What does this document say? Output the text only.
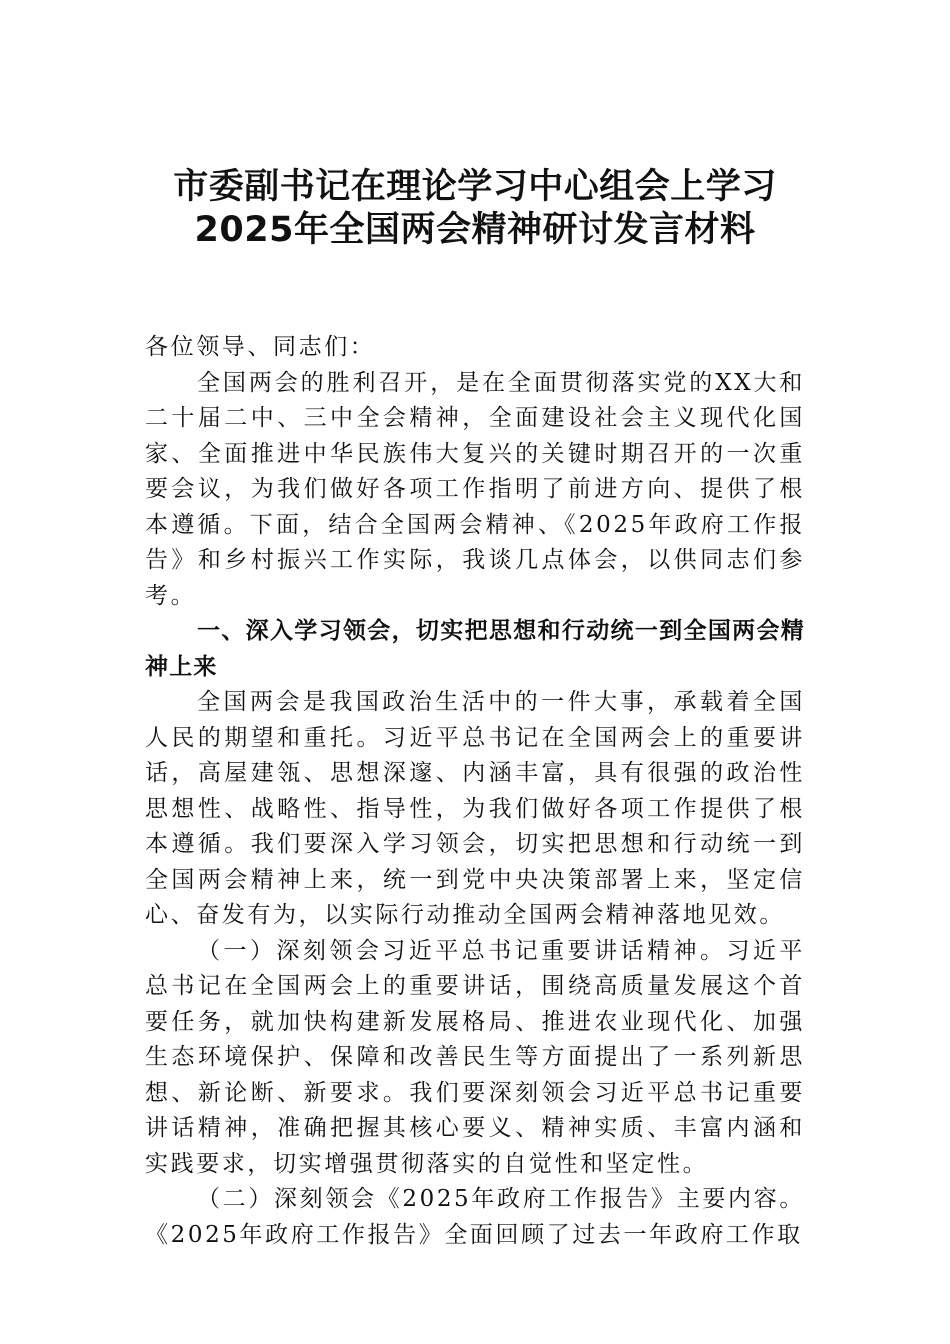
市委副书记在理论学习中心组会上学习
2025年全国两会精神研讨发言材料

各位领导、同志们：

全国两会的胜利召开，是在全面贯彻落实党的XX大和二十届二中、三中全会精神，全面建设社会主义现代化国家、全面推进中华民族伟大复兴的关键时期召开的一次重要会议，为我们做好各项工作指明了前进方向、提供了根本遵循。下面，结合全国两会精神、《2025年政府工作报告》和乡村振兴工作实际，我谈几点体会，以供同志们参考。

一、深入学习领会，切实把思想和行动统一到全国两会精神上来

全国两会是我国政治生活中的一件大事，承载着全国人民的期望和重托。习近平总书记在全国两会上的重要讲话，高屋建瓴、思想深邃、内涵丰富，具有很强的政治性思想性、战略性、指导性，为我们做好各项工作提供了根本遵循。我们要深入学习领会，切实把思想和行动统一到全国两会精神上来，统一到党中央决策部署上来，坚定信心、奋发有为，以实际行动推动全国两会精神落地见效。

（一）深刻领会习近平总书记重要讲话精神。习近平总书记在全国两会上的重要讲话，围绕高质量发展这个首要任务，就加快构建新发展格局、推进农业现代化、加强生态环境保护、保障和改善民生等方面提出了一系列新思想、新论断、新要求。我们要深刻领会习近平总书记重要讲话精神，准确把握其核心要义、精神实质、丰富内涵和实践要求，切实增强贯彻落实的自觉性和坚定性。

（二）深刻领会《2025年政府工作报告》主要内容。《2025年政府工作报告》全面回顾了过去一年政府工作取
